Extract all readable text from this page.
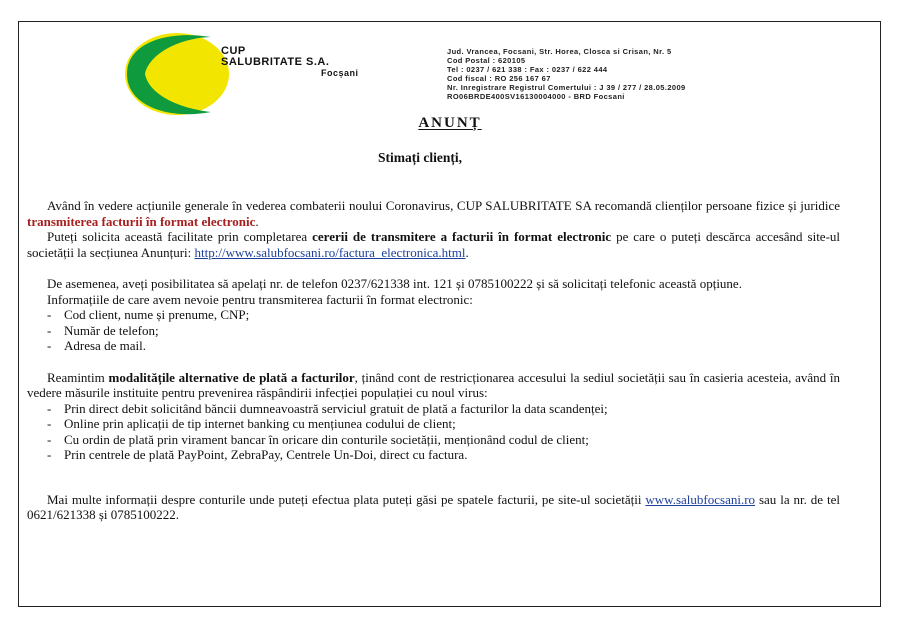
CUP
SALUBRITATE S.A.
Focșani
Jud. Vrancea, Focsani, Str. Horea, Closca si Crisan, Nr. 5
Cod Postal : 620105
Tel : 0237 / 621 338 : Fax : 0237 / 622 444
Cod fiscal : RO 256 167 67
Nr. Inregistrare Registrul Comertului : J 39 / 277 / 28.05.2009
RO06BRDE400SV16130004000 - BRD Focsani
ANUNȚ
Stimați clienți,

Având în vedere acțiunile generale în vederea combaterii noului Coronavirus, CUP SALUBRITATE SA recomandă clienților persoane fizice și juridice transmiterea facturii în format electronic.

Puteți solicita această facilitate prin completarea cererii de transmitere a facturii în format electronic pe care o puteți descărca accesând site-ul societății la secțiunea Anunțuri: http://www.salubfocsani.ro/factura_electronica.html.

De asemenea, aveți posibilitatea să apelați nr. de telefon 0237/621338 int. 121 și 0785100222 și să solicitați telefonic această opțiune.

Informațiile de care avem nevoie pentru transmiterea facturii în format electronic:

- Cod client, nume și prenume, CNP;
- Număr de telefon;
- Adresa de mail.

Reamintim modalitățile alternative de plată a facturilor, ținând cont de restricționarea accesului la sediul societății sau în casieria acesteia, având în vedere măsurile instituite pentru prevenirea răspândirii infecției populației cu noul virus:

- Prin direct debit solicitând băncii dumneavoastră serviciul gratuit de plată a facturilor la data scandenței;
- Online prin aplicații de tip internet banking cu mențiunea codului de client;
- Cu ordin de plată prin virament bancar în oricare din conturile societății, menționând codul de client;
- Prin centrele de plată PayPoint, ZebraPay, Centrele Un-Doi, direct cu factura.

Mai multe informații despre conturile unde puteți efectua plata puteți găsi pe spatele facturii, pe site-ul societății www.salubfocsani.ro sau la nr. de tel 0621/621338 și 0785100222.
